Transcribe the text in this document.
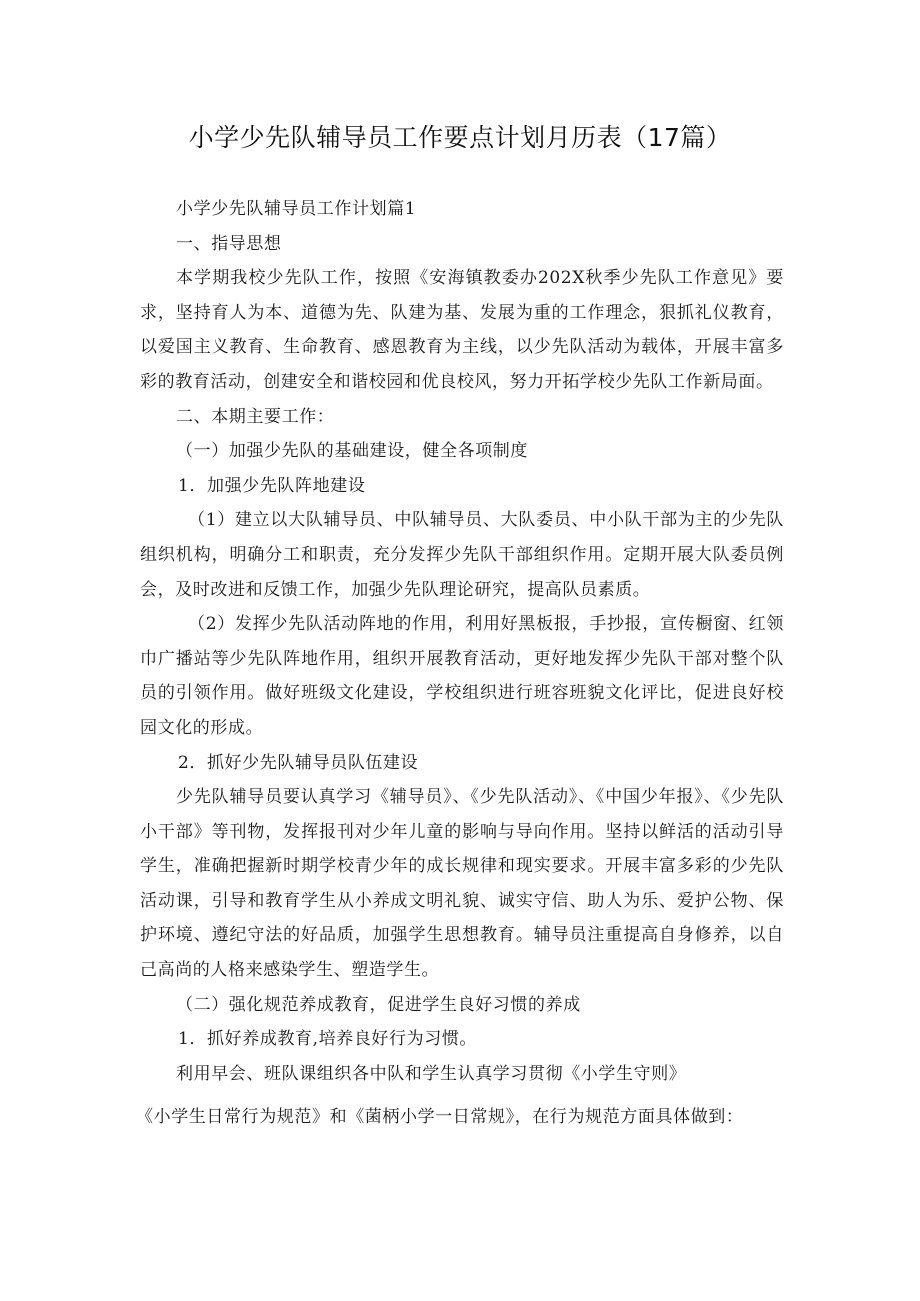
小学少先队辅导员工作要点计划月历表（17篇）

小学少先队辅导员工作计划篇1

一、指导思想

本学期我校少先队工作，按照《安海镇教委办202X秋季少先队工作意见》要求，坚持育人为本、道德为先、队建为基、发展为重的工作理念，狠抓礼仪教育，以爱国主义教育、生命教育、感恩教育为主线，以少先队活动为载体，开展丰富多彩的教育活动，创建安全和谐校园和优良校风，努力开拓学校少先队工作新局面。

二、本期主要工作：

（一）加强少先队的基础建设，健全各项制度

1．加强少先队阵地建设

（1）建立以大队辅导员、中队辅导员、大队委员、中小队干部为主的少先队组织机构，明确分工和职责，充分发挥少先队干部组织作用。定期开展大队委员例会，及时改进和反馈工作，加强少先队理论研究，提高队员素质。

（2）发挥少先队活动阵地的作用，利用好黑板报，手抄报，宣传橱窗、红领巾广播站等少先队阵地作用，组织开展教育活动，更好地发挥少先队干部对整个队员的引领作用。做好班级文化建设，学校组织进行班容班貌文化评比，促进良好校园文化的形成。

2．抓好少先队辅导员队伍建设

少先队辅导员要认真学习《辅导员》、《少先队活动》、《中国少年报》、《少先队小干部》等刊物，发挥报刊对少年儿童的影响与导向作用。坚持以鲜活的活动引导学生，准确把握新时期学校青少年的成长规律和现实要求。开展丰富多彩的少先队活动课，引导和教育学生从小养成文明礼貌、诚实守信、助人为乐、爱护公物、保护环境、遵纪守法的好品质，加强学生思想教育。辅导员注重提高自身修养，以自己高尚的人格来感染学生、塑造学生。

（二）强化规范养成教育，促进学生良好习惯的养成

1．抓好养成教育,培养良好行为习惯。

利用早会、班队课组织各中队和学生认真学习贯彻《小学生守则》

《小学生日常行为规范》和《菌柄小学一日常规》，在行为规范方面具体做到：
